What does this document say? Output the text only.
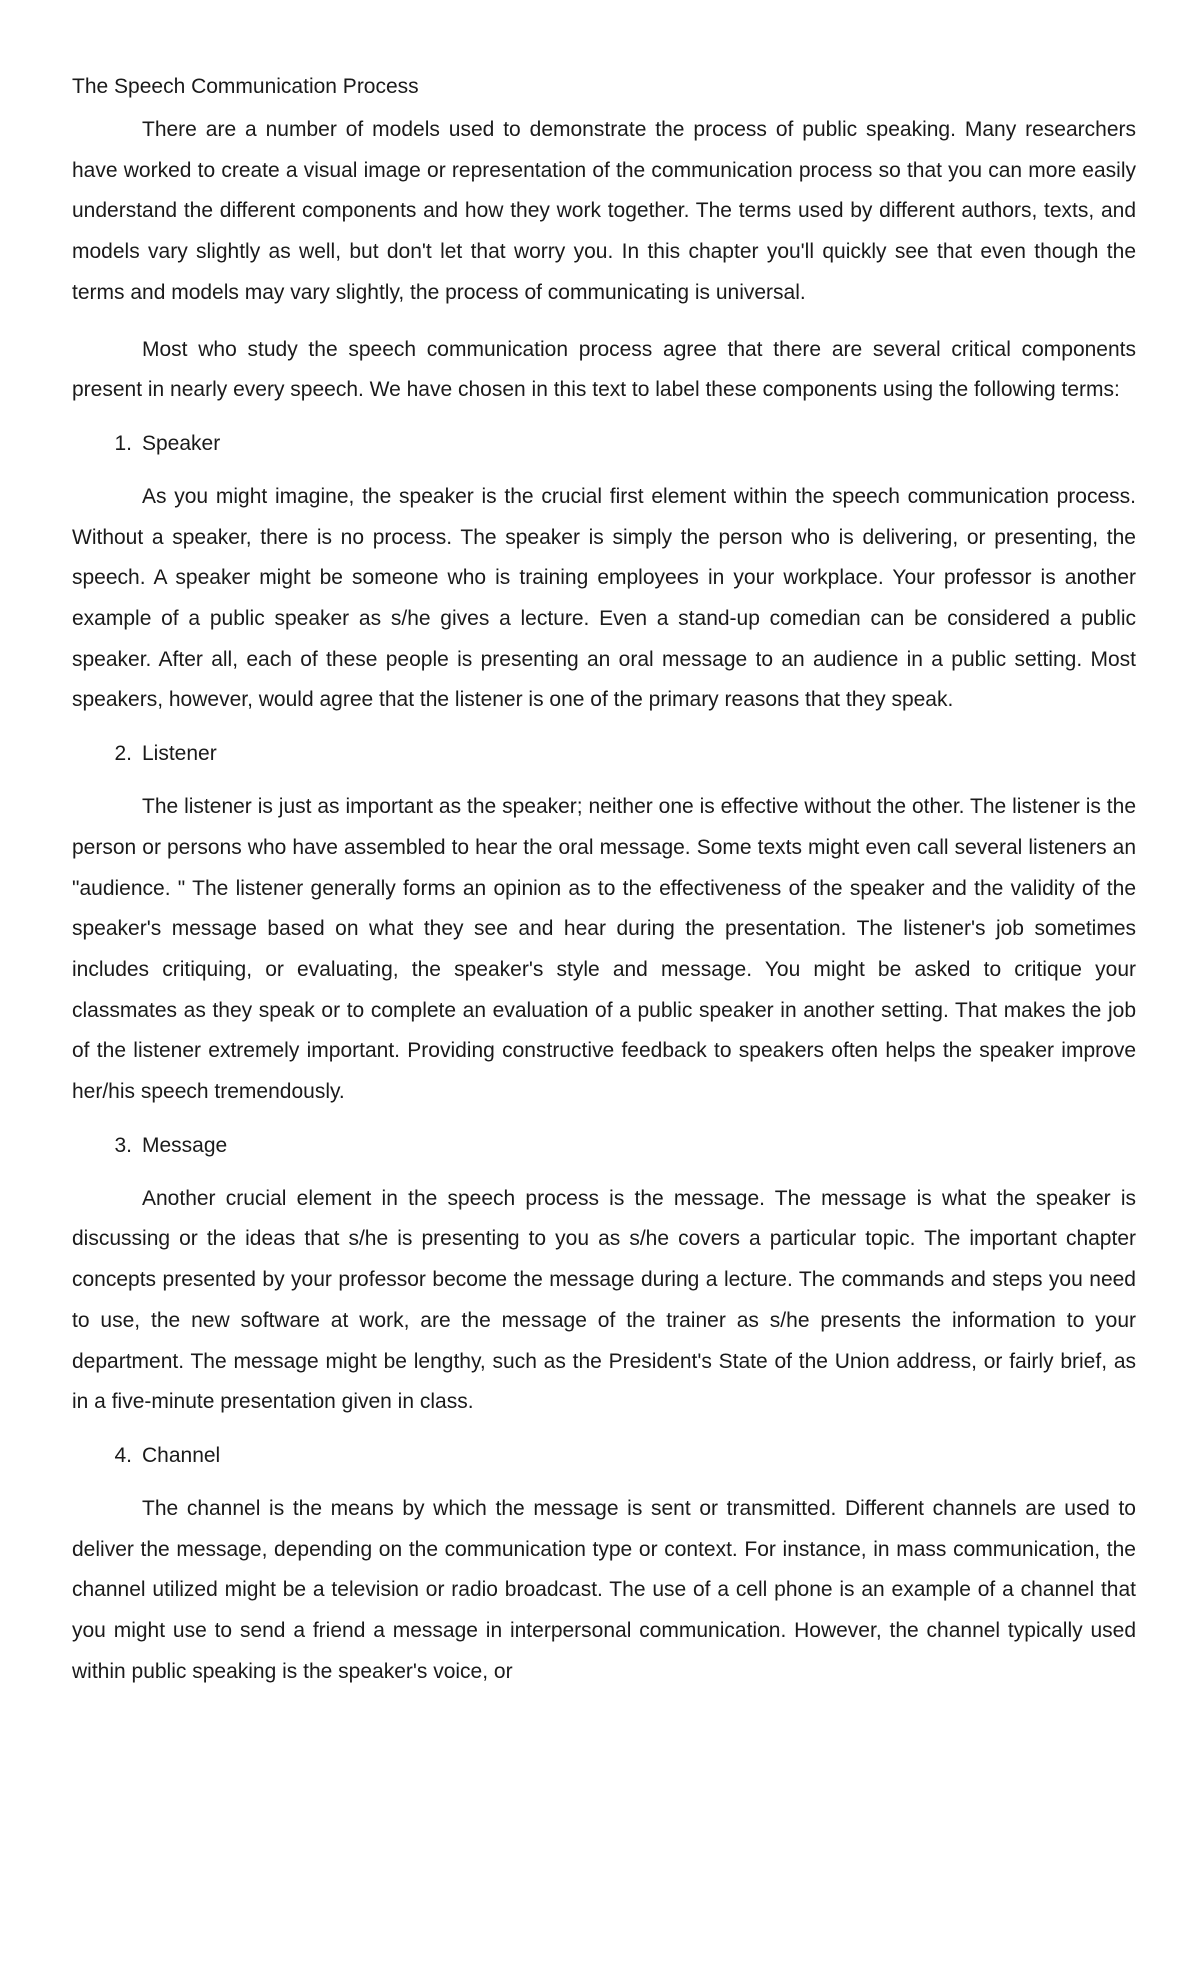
The Speech Communication Process

There are a number of models used to demonstrate the process of public speaking. Many researchers have worked to create a visual image or representation of the communication process so that you can more easily understand the different components and how they work together. The terms used by different authors, texts, and models vary slightly as well, but don't let that worry you. In this chapter you'll quickly see that even though the terms and models may vary slightly, the process of communicating is universal.

Most who study the speech communication process agree that there are several critical components present in nearly every speech. We have chosen in this text to label these components using the following terms:

1. Speaker

As you might imagine, the speaker is the crucial first element within the speech communication process. Without a speaker, there is no process. The speaker is simply the person who is delivering, or presenting, the speech. A speaker might be someone who is training employees in your workplace. Your professor is another example of a public speaker as s/he gives a lecture. Even a stand-up comedian can be considered a public speaker. After all, each of these people is presenting an oral message to an audience in a public setting. Most speakers, however, would agree that the listener is one of the primary reasons that they speak.

2. Listener

The listener is just as important as the speaker; neither one is effective without the other. The listener is the person or persons who have assembled to hear the oral message. Some texts might even call several listeners an "audience. " The listener generally forms an opinion as to the effectiveness of the speaker and the validity of the speaker's message based on what they see and hear during the presentation. The listener's job sometimes includes critiquing, or evaluating, the speaker's style and message. You might be asked to critique your classmates as they speak or to complete an evaluation of a public speaker in another setting. That makes the job of the listener extremely important. Providing constructive feedback to speakers often helps the speaker improve her/his speech tremendously.

3. Message

Another crucial element in the speech process is the message. The message is what the speaker is discussing or the ideas that s/he is presenting to you as s/he covers a particular topic. The important chapter concepts presented by your professor become the message during a lecture. The commands and steps you need to use, the new software at work, are the message of the trainer as s/he presents the information to your department. The message might be lengthy, such as the President's State of the Union address, or fairly brief, as in a five-minute presentation given in class.

4. Channel

The channel is the means by which the message is sent or transmitted. Different channels are used to deliver the message, depending on the communication type or context. For instance, in mass communication, the channel utilized might be a television or radio broadcast. The use of a cell phone is an example of a channel that you might use to send a friend a message in interpersonal communication. However, the channel typically used within public speaking is the speaker's voice, or
